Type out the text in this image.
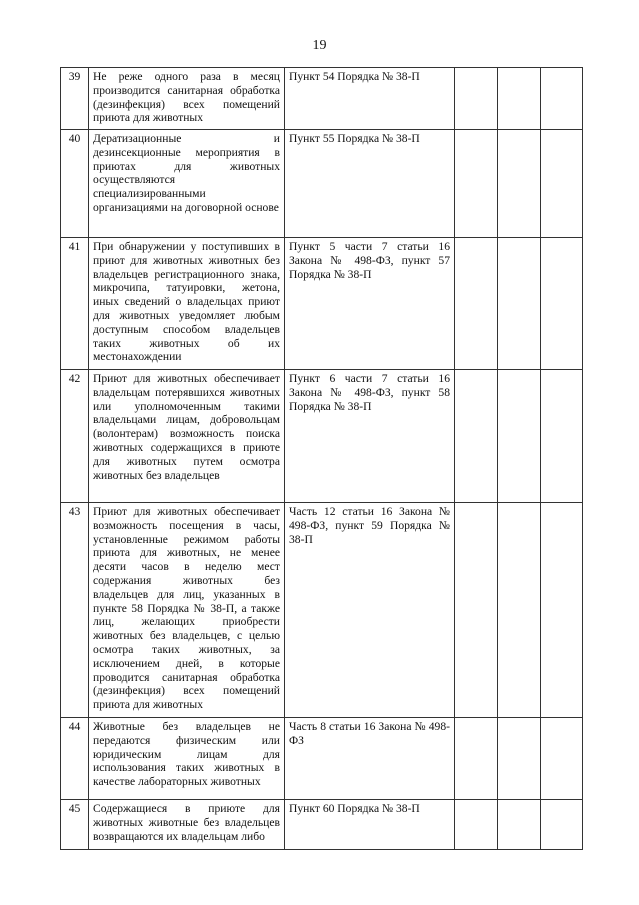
19
39	Не реже одного раза в месяц производится санитарная обработка (дезинфекция) всех помещений приюта для животных	Пункт 54 Порядка № 38-П			
40	Дератизационные и дезинсекционные мероприятия в приютах для животных осуществляются специализированными организациями на договорной основе	Пункт 55 Порядка № 38-П			
41	При обнаружении у поступивших в приют для животных животных без владельцев регистрационного знака, микрочипа, татуировки, жетона, иных сведений о владельцах приют для животных уведомляет любым доступным способом владельцев таких животных об их местонахождении	Пункт 5 части 7 статьи 16 Закона № 498-ФЗ, пункт 57 Порядка № 38-П			
42	Приют для животных обеспечивает владельцам потерявшихся животных или уполномоченным такими владельцами лицам, добровольцам (волонтерам) возможность поиска животных содержащихся в приюте для животных путем осмотра животных без владельцев	Пункт 6 части 7 статьи 16 Закона № 498-ФЗ, пункт 58 Порядка № 38-П			
43	Приют для животных обеспечивает возможность посещения в часы, установленные режимом работы приюта для животных, не менее десяти часов в неделю мест содержания животных без владельцев для лиц, указанных в пункте 58 Порядка № 38-П, а также лиц, желающих приобрести животных без владельцев, с целью осмотра таких животных, за исключением дней, в которые проводится санитарная обработка (дезинфекция) всех помещений приюта для животных	Часть 12 статьи 16 Закона № 498-ФЗ, пункт 59 Порядка № 38-П			
44	Животные без владельцев не передаются физическим или юридическим лицам для использования таких животных в качестве лабораторных животных	Часть 8 статьи 16 Закона № 498-ФЗ			
45	Содержащиеся в приюте для животных животные без владельцев возвращаются их владельцам либо	Пункт 60 Порядка № 38-П			
